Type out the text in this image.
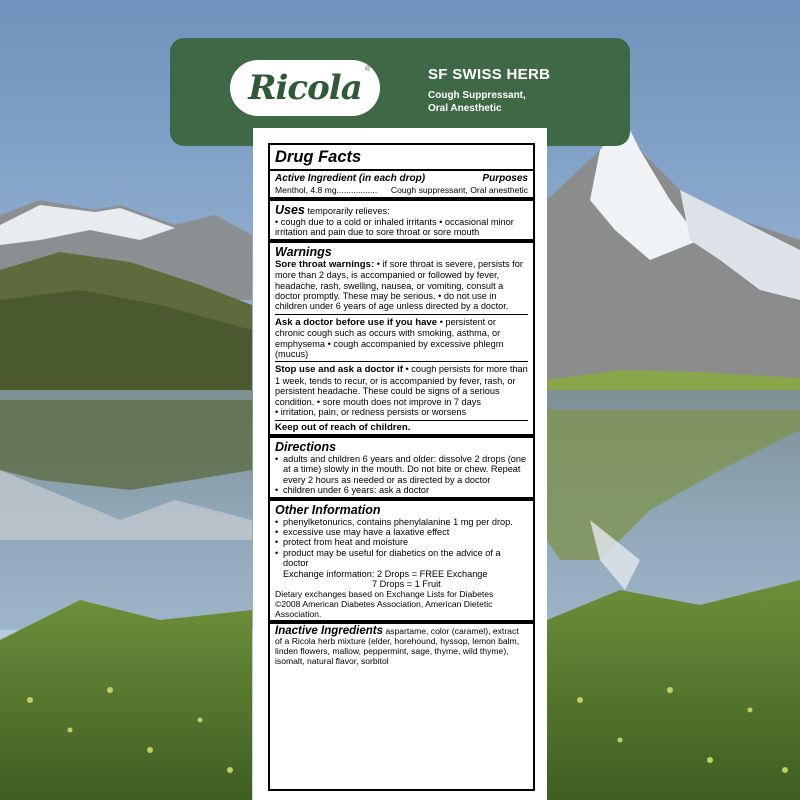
Ricola ®	SF SWISS HERB
Cough Suppressant,
Oral Anesthetic
Drug Facts
Active Ingredient (in each drop)	Purposes
Menthol, 4.8 mg................. Cough suppressant, Oral anesthetic
Uses temporarily relieves:
• cough due to a cold or inhaled irritants • occasional minor irritation and pain due to sore throat or sore mouth
Warnings
Sore throat warnings: • if sore throat is severe, persists for more than 2 days, is accompanied or followed by fever, headache, rash, swelling, nausea, or vomiting, consult a doctor promptly. These may be serious. • do not use in children under 6 years of age unless directed by a doctor.
Ask a doctor before use if you have • persistent or chronic cough such as occurs with smoking, asthma, or emphysema • cough accompanied by excessive phlegm (mucus)
Stop use and ask a doctor if • cough persists for more than 1 week, tends to recur, or is accompanied by fever, rash, or persistent headache. These could be signs of a serious condition. • sore mouth does not improve in 7 days
• irritation, pain, or redness persists or worsens
Keep out of reach of children.
Directions
• adults and children 6 years and older: dissolve 2 drops (one at a time) slowly in the mouth. Do not bite or chew. Repeat every 2 hours as needed or as directed by a doctor
• children under 6 years: ask a doctor
Other Information
• phenylketonurics, contains phenylalanine 1 mg per drop.
• excessive use may have a laxative effect
• protect from heat and moisture
• product may be useful for diabetics on the advice of a doctor
Exchange information: 2 Drops = FREE Exchange
7 Drops = 1 Fruit
Dietary exchanges based on Exchange Lists for Diabetes
©2008 American Diabetes Association, American Dietetic Association.
Inactive Ingredients aspartame, color (caramel), extract of a Ricola herb mixture (elder, horehound, hyssop, lemon balm, linden flowers, mallow, peppermint, sage, thyme, wild thyme), isomalt, natural flavor, sorbitol
